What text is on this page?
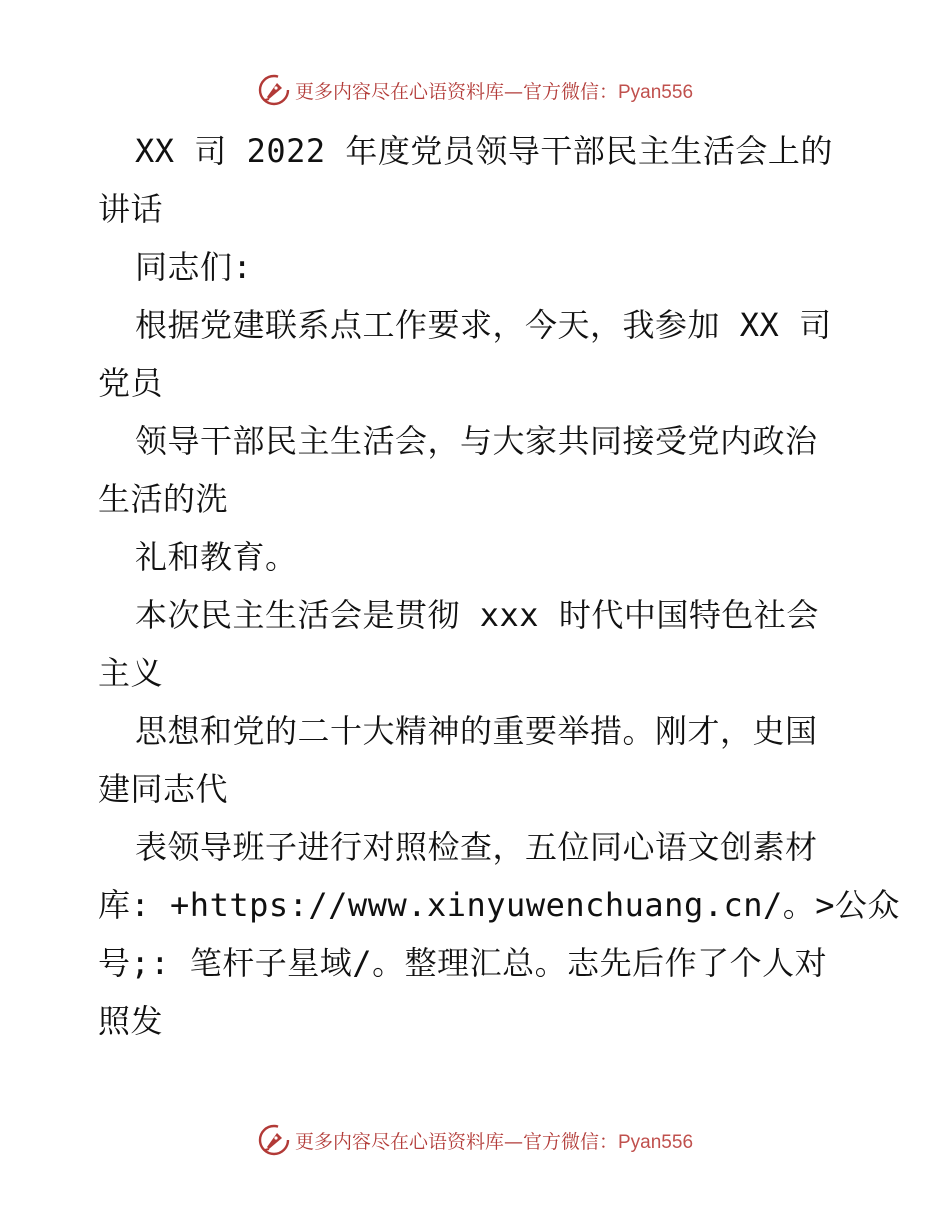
更多内容尽在心语资料库—官方微信：Pyan556
XX 司 2022 年度党员领导干部民主生活会上的
讲话
同志们:
根据党建联系点工作要求，今天，我参加 XX 司
党员
领导干部民主生活会，与大家共同接受党内政治
生活的洗
礼和教育。
本次民主生活会是贯彻 xxx 时代中国特色社会
主义
思想和党的二十大精神的重要举措。刚才，史国
建同志代
表领导班子进行对照检查，五位同心语文创素材
库: +https://www.xinyuwenchuang.cn/。>公众
号;: 笔杆子星域/。整理汇总。志先后作了个人对
照发
更多内容尽在心语资料库—官方微信：Pyan556
